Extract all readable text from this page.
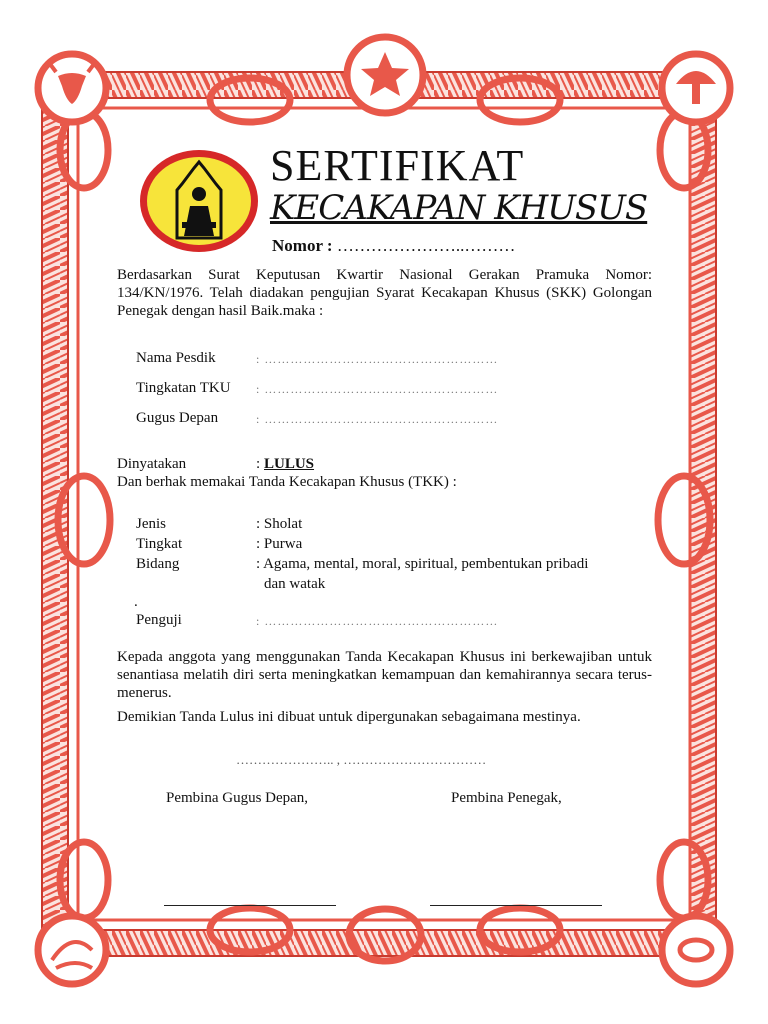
SERTIFIKAT
KECAKAPAN KHUSUS
Nomor : …………………..………
Berdasarkan Surat Keputusan Kwartir Nasional Gerakan Pramuka Nomor: 134/KN/1976. Telah diadakan pengujian Syarat Kecakapan Khusus (SKK) Golongan Penegak dengan hasil Baik.maka :
Nama Pesdik	: ………………………………………………
Tingkatan TKU : ………………………………………………
Gugus Depan	: ………………………………………………
Dinyatakan	: LULUS
Dan berhak memakai Tanda Kecakapan Khusus (TKK) :
Jenis	: Sholat
Tingkat	: Purwa
Bidang	: Agama, mental, moral, spiritual, pembentukan pribadi
dan watak
.
Penguji	: ………………………………………………
Kepada anggota yang menggunakan Tanda Kecakapan Khusus ini berkewajiban untuk senantiasa melatih diri serta meningkatkan kemampuan dan kemahirannya secara terus-menerus.
Demikian Tanda Lulus ini dibuat untuk dipergunakan sebagaimana mestinya.
………………….. , ……………………………
Pembina Gugus Depan,	Pembina Penegak,
